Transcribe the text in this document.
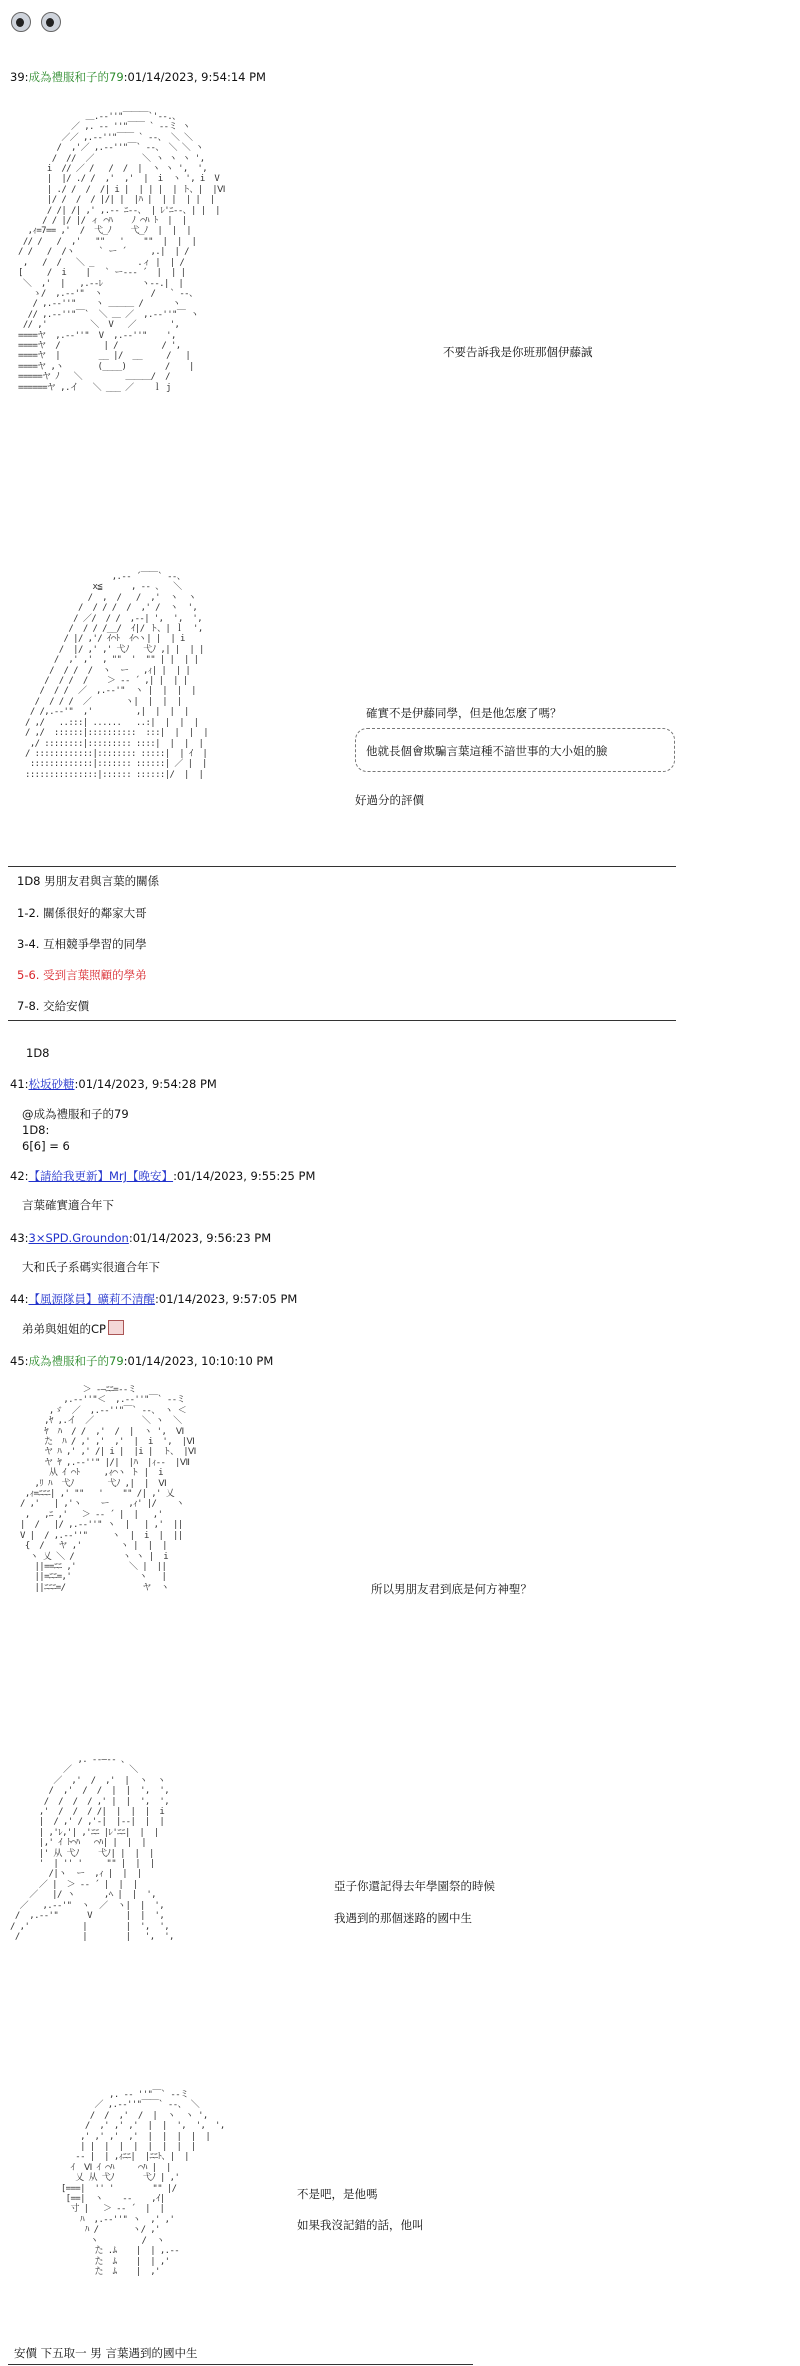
39:成為禮服和子的79:01/14/2023, 9:54:14 PM
＿.-‐''"￣￣￣`'‐-.、
／ ,. -‐ ''"￣￣ ` ‐-ミ ヽ
／／ ,.-‐''"￣￣ ` ‐-、 ＼ ＼
/  ,'／ ,.-‐''"￣` ‐-、 ＼ ＼ ヽ
/  //  ／          ＼ ヽ ヽ ヽ ',
i  // ／ /   /  /  |  ヽ ヽ ',  ',
|  |/ ./ /  ,'  ,'  |  i  ヽ ', i  V
| ./ /  /  /| i |  | | |  | ト、|  |Ⅵ
|/ /  /  / |/| |  |ﾊ |  | |  | |  |
/ /| /| ,' ,.-‐ ﾆ‐-、 | ﾚ'ﾆ‐-、| |  |
/ / |/ |/ ィ ⌒ﾊ    ﾉ ⌒ﾊ ﾄ  |  |
,ｨ=7== ,'  /  弋_ﾉ    弋_ﾉ  |  |  |
// /   /  ,'   ""   '    ""  |  |  |
/ /   /  /ヽ     ` ー ´     ,.|  | /
,   /  /   ＼ _         .ィ |  | /
[     /  i    |   ` ー--‐ ´  |  | |
＼  ,'  |   ,.-‐ﾚ        ヽ-‐.|  |
ゝ/  ,.-‐'"  ヽ          /   ` ‐-、
/ ,.-‐''"    ヽ ＿＿＿ /      ヽ
// ,.-‐''"￣`  ＼ ＿ ／  ,.-‐''"￣ ヽ
// ,'         ＼  V   ／       ',
====ヤ  ,.-‐''"  V  ,.-‐''"    ',
====ヤ  /         | /         / ',
====ヤ  |        __ |/  __     /   |
====ヤ ,ヽ       (____)        /    |
=====ヤ ﾉ   ＼         ＿＿＿/  /
======ヤ ,.イ   ＼ ___ ／    ｌ j
不要告訴我是你班那個伊藤誠
,.-‐ ´￣￣` ‐-、
x≦      , -‐ 、  ＼
/  ,  /   /  ,'  ヽ  ヽ
/  / / /  /  ,' /  ヽ  ',
/ ／/  / /  ,-‐| ',  ',  ',
/  / / /__/  ｲ|/ ト、| ｌ  ',
/ |/ ,'/ ｲ⌒ﾄ  ｲ⌒ヽ| |  | i
/  |/ ,' ,' 弋ﾉ   弋ﾉ ,| |  | |
/  ,' ,'  , ""  '  "" | |  | |
/  / /  /  ヽ  ー   ,ｨ| |  | |
/  / /  /    ＞ -‐ ´ ,| |  | |
/  / /  ／  ,.-‐'"  ヽ |  |  |  |
/  / / /  ／       ヽ|  |  |  |
/ /,.-‐'"  ,'         ,|  |  |  |
/ ,/   ..:::| ......   ..:|  |  |  |
/ ,/  ::::::|::::::::::  :::|  |  |  |
,/ ::::::::|::::::::: ::::|  |  |  |
/ ::::::::::::|:::::::: :::::|  | ｲ  |
:::::::::::::|::::::: ::::::| ／ |  |
:::::::::::::::|:::::: ::::::|/  |  |
確實不是伊藤同學，但是他怎麼了嗎？
他就長個會欺騙言葉這種不諳世事的大小姐的臉
好過分的評價
1D8 男朋友君與言葉的關係
1-2. 關係很好的鄰家大哥
3-4. 互相競爭學習的同學
5-6. 受到言葉照顧的學弟
7-8. 交給安價
1D8
41:松坂砂糖:01/14/2023, 9:54:28 PM
@成為禮服和子的79
1D8:
6[6] = 6
42:【請給我更新】MrJ【晚安】:01/14/2023, 9:55:25 PM
言葉確實適合年下
43:3×SPD.Groundon:01/14/2023, 9:56:23 PM
大和氏子系碼实很適合年下
44:【風源隊員】礦莉不清醒:01/14/2023, 9:57:05 PM
弟弟與姐姐的CP
45:成為禮服和子的79:01/14/2023, 10:10:10 PM
＞ ‐―ﾆﾆ=‐-ミ
,.-‐''"＜  ,.-‐''"￣` ‐-ミ
,ゞ  ／  ,.-‐''"￣` ‐-、 ヽ ＜
,ﾔ ,.イ  ／          ＼ ヽ  ＼
ﾔ  ﾊ  / /  ,'  /  |  ヽ ',  Ⅵ
た  ﾊ / ,' ,'  ,'  |  i  ',  |Ⅵ
ヤ ﾊ ,' ,' /| i |  |i |  ト、 |Ⅵ
ヤ ﾔ ,.-‐''" |/|  |ﾊ  |ｨ-‐  |Ⅶ
从 ｲ ⌒ﾄ     ,ｨ⌒ヽ ト |  i
,ﾘ ﾊ  弋ﾉ       弋ﾉ ,|  |  Ⅵ
,ｨ=ﾆﾆﾆ| ,' ""   '    "" /| ,' 乂
/ ,'   | ,'ヽ    ー    ,ｨ' |/    ヽ
,   ,ﾆ ,'   ＞ -‐ ´ |  |   ,'
|  /   |/ ,.-‐''" ヽ  |   | ,'  ||
V |  / ,.-‐''"     ヽ  |  i  |  ||
{  /   ヤ ,'        ヽ |  |  |
ヽ 乂 ＼ /          ヽ ヽ |  i
||==ﾆﾆ ,'           ＼ |  ||
||=ﾆﾆ=,'              ヽ   |
||ﾆﾆﾆ=/                ヤ  ヽ	所以男朋友君到底是何方神聖？
,. -‐―‐- 、
／            ＼
／  ,'  /  ,'  |  ヽ  ヽ
/  ,'  /  /  |  |  ',  ',
/  /  /  / ,' |  |  ',  ',
,'  /  /  / /|  |  |  |  i
|  / ,' / ,'-|  |-‐|  |  |
| ,'ﾚ,'| ,'ﾆﾆ |ﾚ'ﾆﾆ|  |  |
|,' ｲ ﾄ⌒ﾊ   ⌒ﾊ| |  |  |
|' 从 弋ﾉ    弋ﾉ| |  |  |
'  | '' '     "" |  |  |
/|ヽ  ー  ,ｨ |  |  |
／ |  ＞ -‐ ´ |  |  |
／   |/ ヽ      ,ﾍ |  |  ',
／   ,.-‐'"  ヽ  ／  ヽ|  |  ',
/  ,.-‐'"      V       |  |  ',
/ ,'           |        |  ',  ',
/             |        |   ',  ',
亞子你還記得去年學園祭的時候
我遇到的那個迷路的國中生
,. -‐ ''"￣` ‐-ミ
／ ,.-‐''"￣￣` ‐-、 ＼
/  /  ,'  /  |  ヽ  ヽ ',
/  ,' ,' ,'  |  |  ',  ',  ',
,' ,' ,'  ,'  |  |  |  |  |
| |  |  |  |  |  |  |  |
-‐ |  | ,ｨﾆﾆ|  |ﾆﾆﾄ、|  |
ｲ  Ⅵ ｲ ⌒ﾊ     ⌒ﾊ |  |
乂 从 弋ﾉ      弋ﾉ | ,'
[===|  '' '        "" |/
[==|  ヽ    -‐    ,ｲ|
寸 |   ＞ -‐ ´  |  |
ﾊ  ,.-‐''" ヽ  ,' ,'
ﾊ /       ヽ/ ,'
ヽ         /  ヽ
た .ﾑ    |  | ,.-‐
た  ﾑ    |  | ,'
た  ﾑ    |  ,'
不是吧，是他嗎
如果我沒記錯的話，他叫
安價 下五取一 男 言葉遇到的國中生
